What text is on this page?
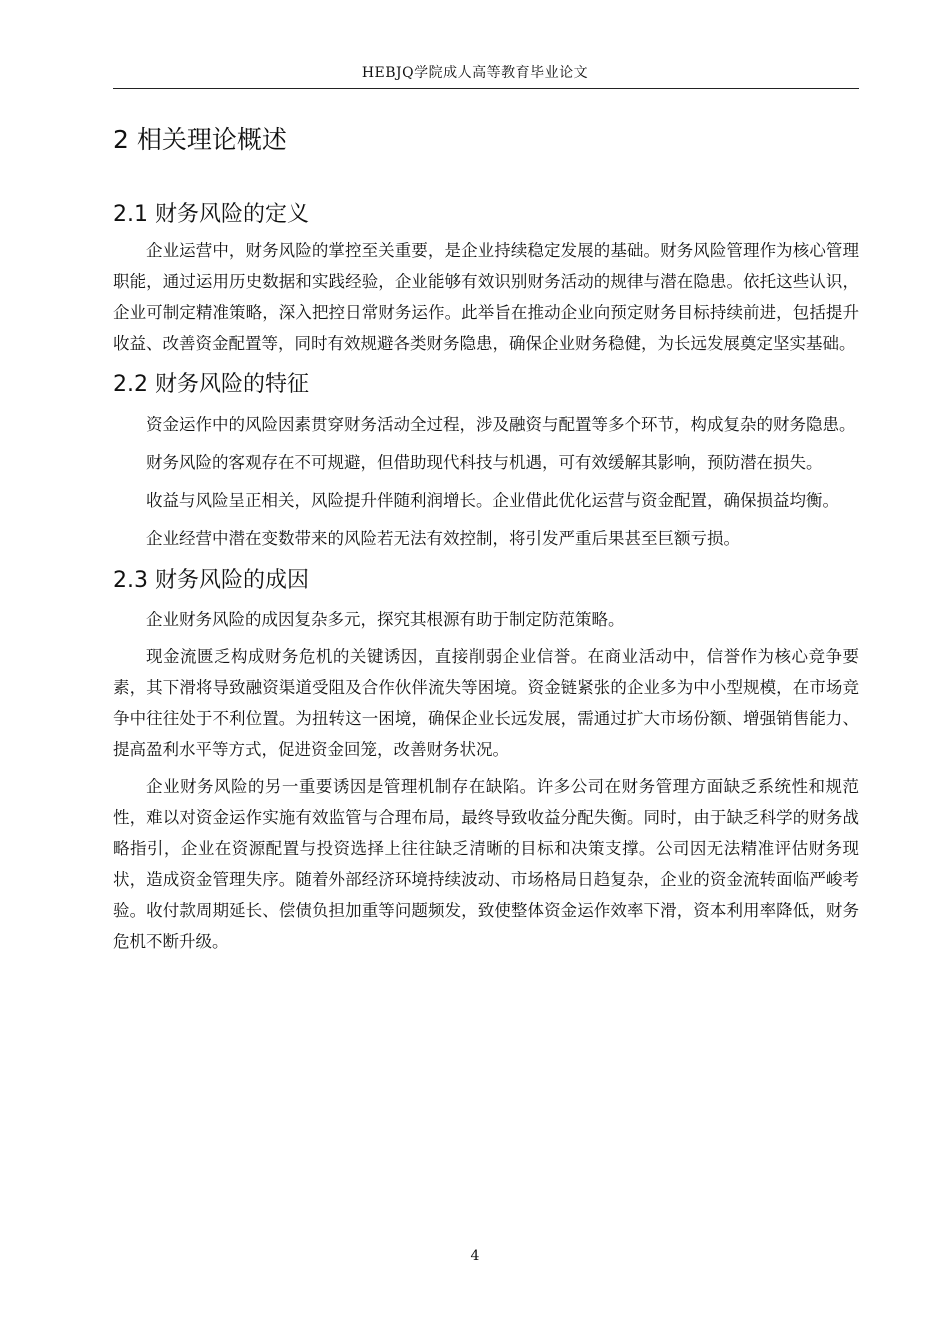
HEBJQ学院成人高等教育毕业论文
2 相关理论概述
2.1 财务风险的定义

企业运营中，财务风险的掌控至关重要，是企业持续稳定发展的基础。财务风险管理作为核心管理职能，通过运用历史数据和实践经验，企业能够有效识别财务活动的规律与潜在隐患。依托这些认识，企业可制定精准策略，深入把控日常财务运作。此举旨在推动企业向预定财务目标持续前进，包括提升收益、改善资金配置等，同时有效规避各类财务隐患，确保企业财务稳健，为长远发展奠定坚实基础。

2.2 财务风险的特征

资金运作中的风险因素贯穿财务活动全过程，涉及融资与配置等多个环节，构成复杂的财务隐患。

财务风险的客观存在不可规避，但借助现代科技与机遇，可有效缓解其影响，预防潜在损失。

收益与风险呈正相关，风险提升伴随利润增长。企业借此优化运营与资金配置，确保损益均衡。

企业经营中潜在变数带来的风险若无法有效控制，将引发严重后果甚至巨额亏损。

2.3 财务风险的成因

企业财务风险的成因复杂多元，探究其根源有助于制定防范策略。

现金流匮乏构成财务危机的关键诱因，直接削弱企业信誉。在商业活动中，信誉作为核心竞争要素，其下滑将导致融资渠道受阻及合作伙伴流失等困境。资金链紧张的企业多为中小型规模，在市场竞争中往往处于不利位置。为扭转这一困境，确保企业长远发展，需通过扩大市场份额、增强销售能力、提高盈利水平等方式，促进资金回笼，改善财务状况。

企业财务风险的另一重要诱因是管理机制存在缺陷。许多公司在财务管理方面缺乏系统性和规范性，难以对资金运作实施有效监管与合理布局，最终导致收益分配失衡。同时，由于缺乏科学的财务战略指引，企业在资源配置与投资选择上往往缺乏清晰的目标和决策支撑。公司因无法精准评估财务现状，造成资金管理失序。随着外部经济环境持续波动、市场格局日趋复杂，企业的资金流转面临严峻考验。收付款周期延长、偿债负担加重等问题频发，致使整体资金运作效率下滑，资本利用率降低，财务危机不断升级。

4
